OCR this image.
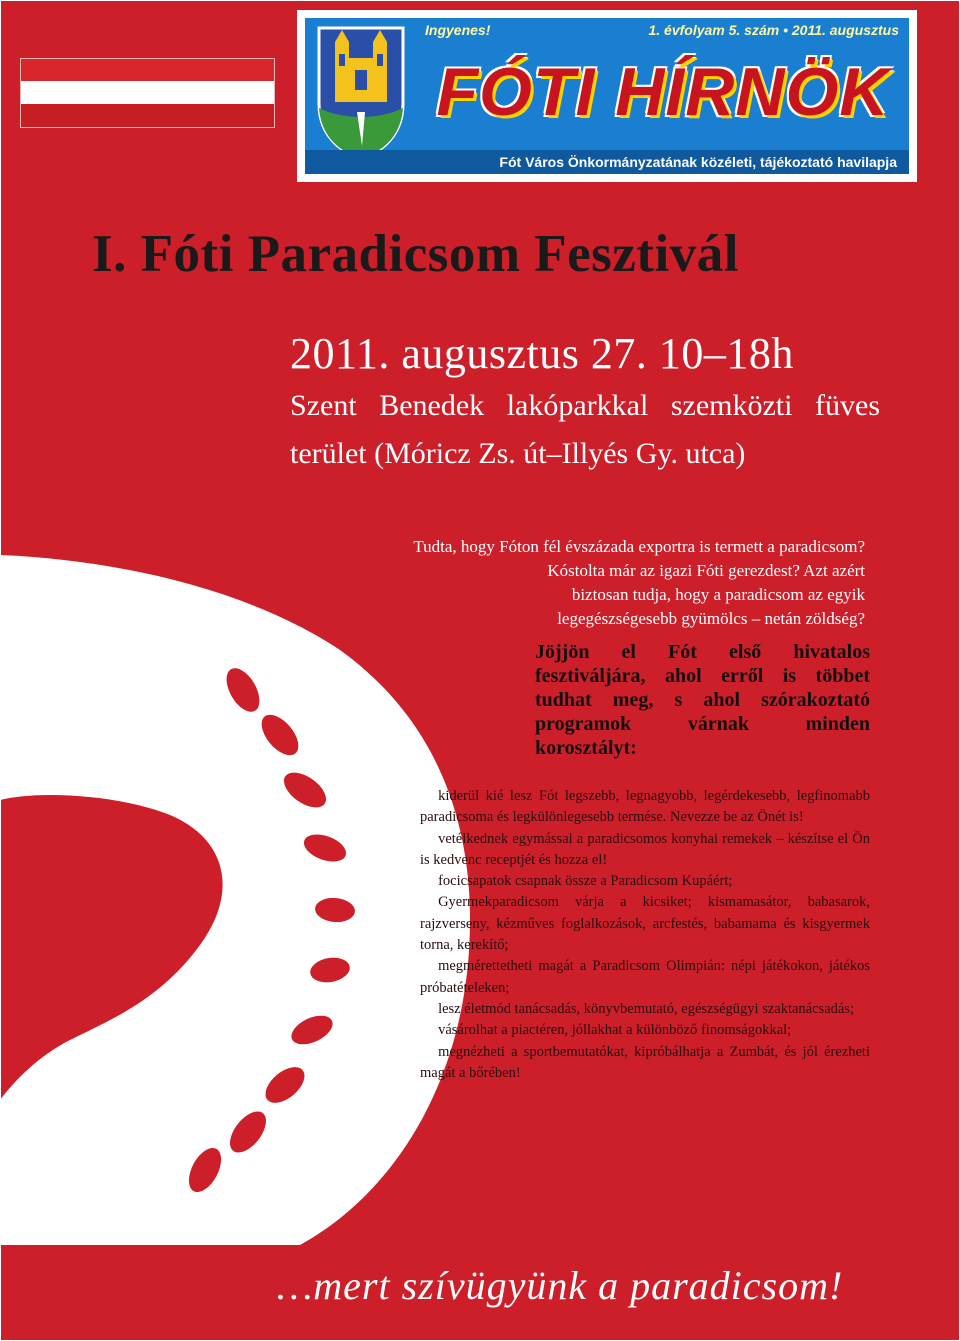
Ingyenes!	1. évfolyam 5. szám • 2011. augusztus
FÓTI HÍRNÖK
Fót Város Önkormányzatának közéleti, tájékoztató havilapja
I. Fóti Paradicsom Fesztivál
2011. augusztus 27. 10–18h
Szent Benedek lakóparkkal szemközti füves terület (Móricz Zs. út–Illyés Gy. utca)
Tudta, hogy Fóton fél évszázada exportra is termett a paradicsom?
Kóstolta már az igazi Fóti gerezdest? Azt azért
biztosan tudja, hogy a paradicsom az egyik
legegészségesebb gyümölcs – netán zöldség?
Jöjjön el Fót első hivatalos fesztiváljára, ahol erről is többet tudhat meg, s ahol szórakoztató programok várnak minden korosztályt:
↝ kiderül kié lesz Fót legszebb, legnagyobb, legérdekesebb, legfinomabb paradicsoma és legkülönlegesebb termése. Nevezze be az Önét is!
↝ vetélkednek egymással a paradicsomos konyhai remekek – készítse el Ön is kedvenc receptjét és hozza el!
↝ focicsapatok csapnak össze a Paradicsom Kupáért;
↝ Gyermekparadicsom várja a kicsiket; kismamasátor, babasarok, rajzverseny, kézműves foglalkozások, arcfestés, babamama és kisgyermek torna, kerekítő;
↝ megmérettetheti magát a Paradicsom Olimpián: népi játékokon, játékos próbatételeken;
↝ lesz életmód tanácsadás, könyvbemutató, egészségügyi szaktanácsadás;
↝ vásárolhat a piactéren, jóllakhat a különböző finomságokkal;
↝ megnézheti a sportbemutatókat, kipróbálhatja a Zumbát, és jól érezheti magát a bőrében!
…mert szívügyünk a paradicsom!
